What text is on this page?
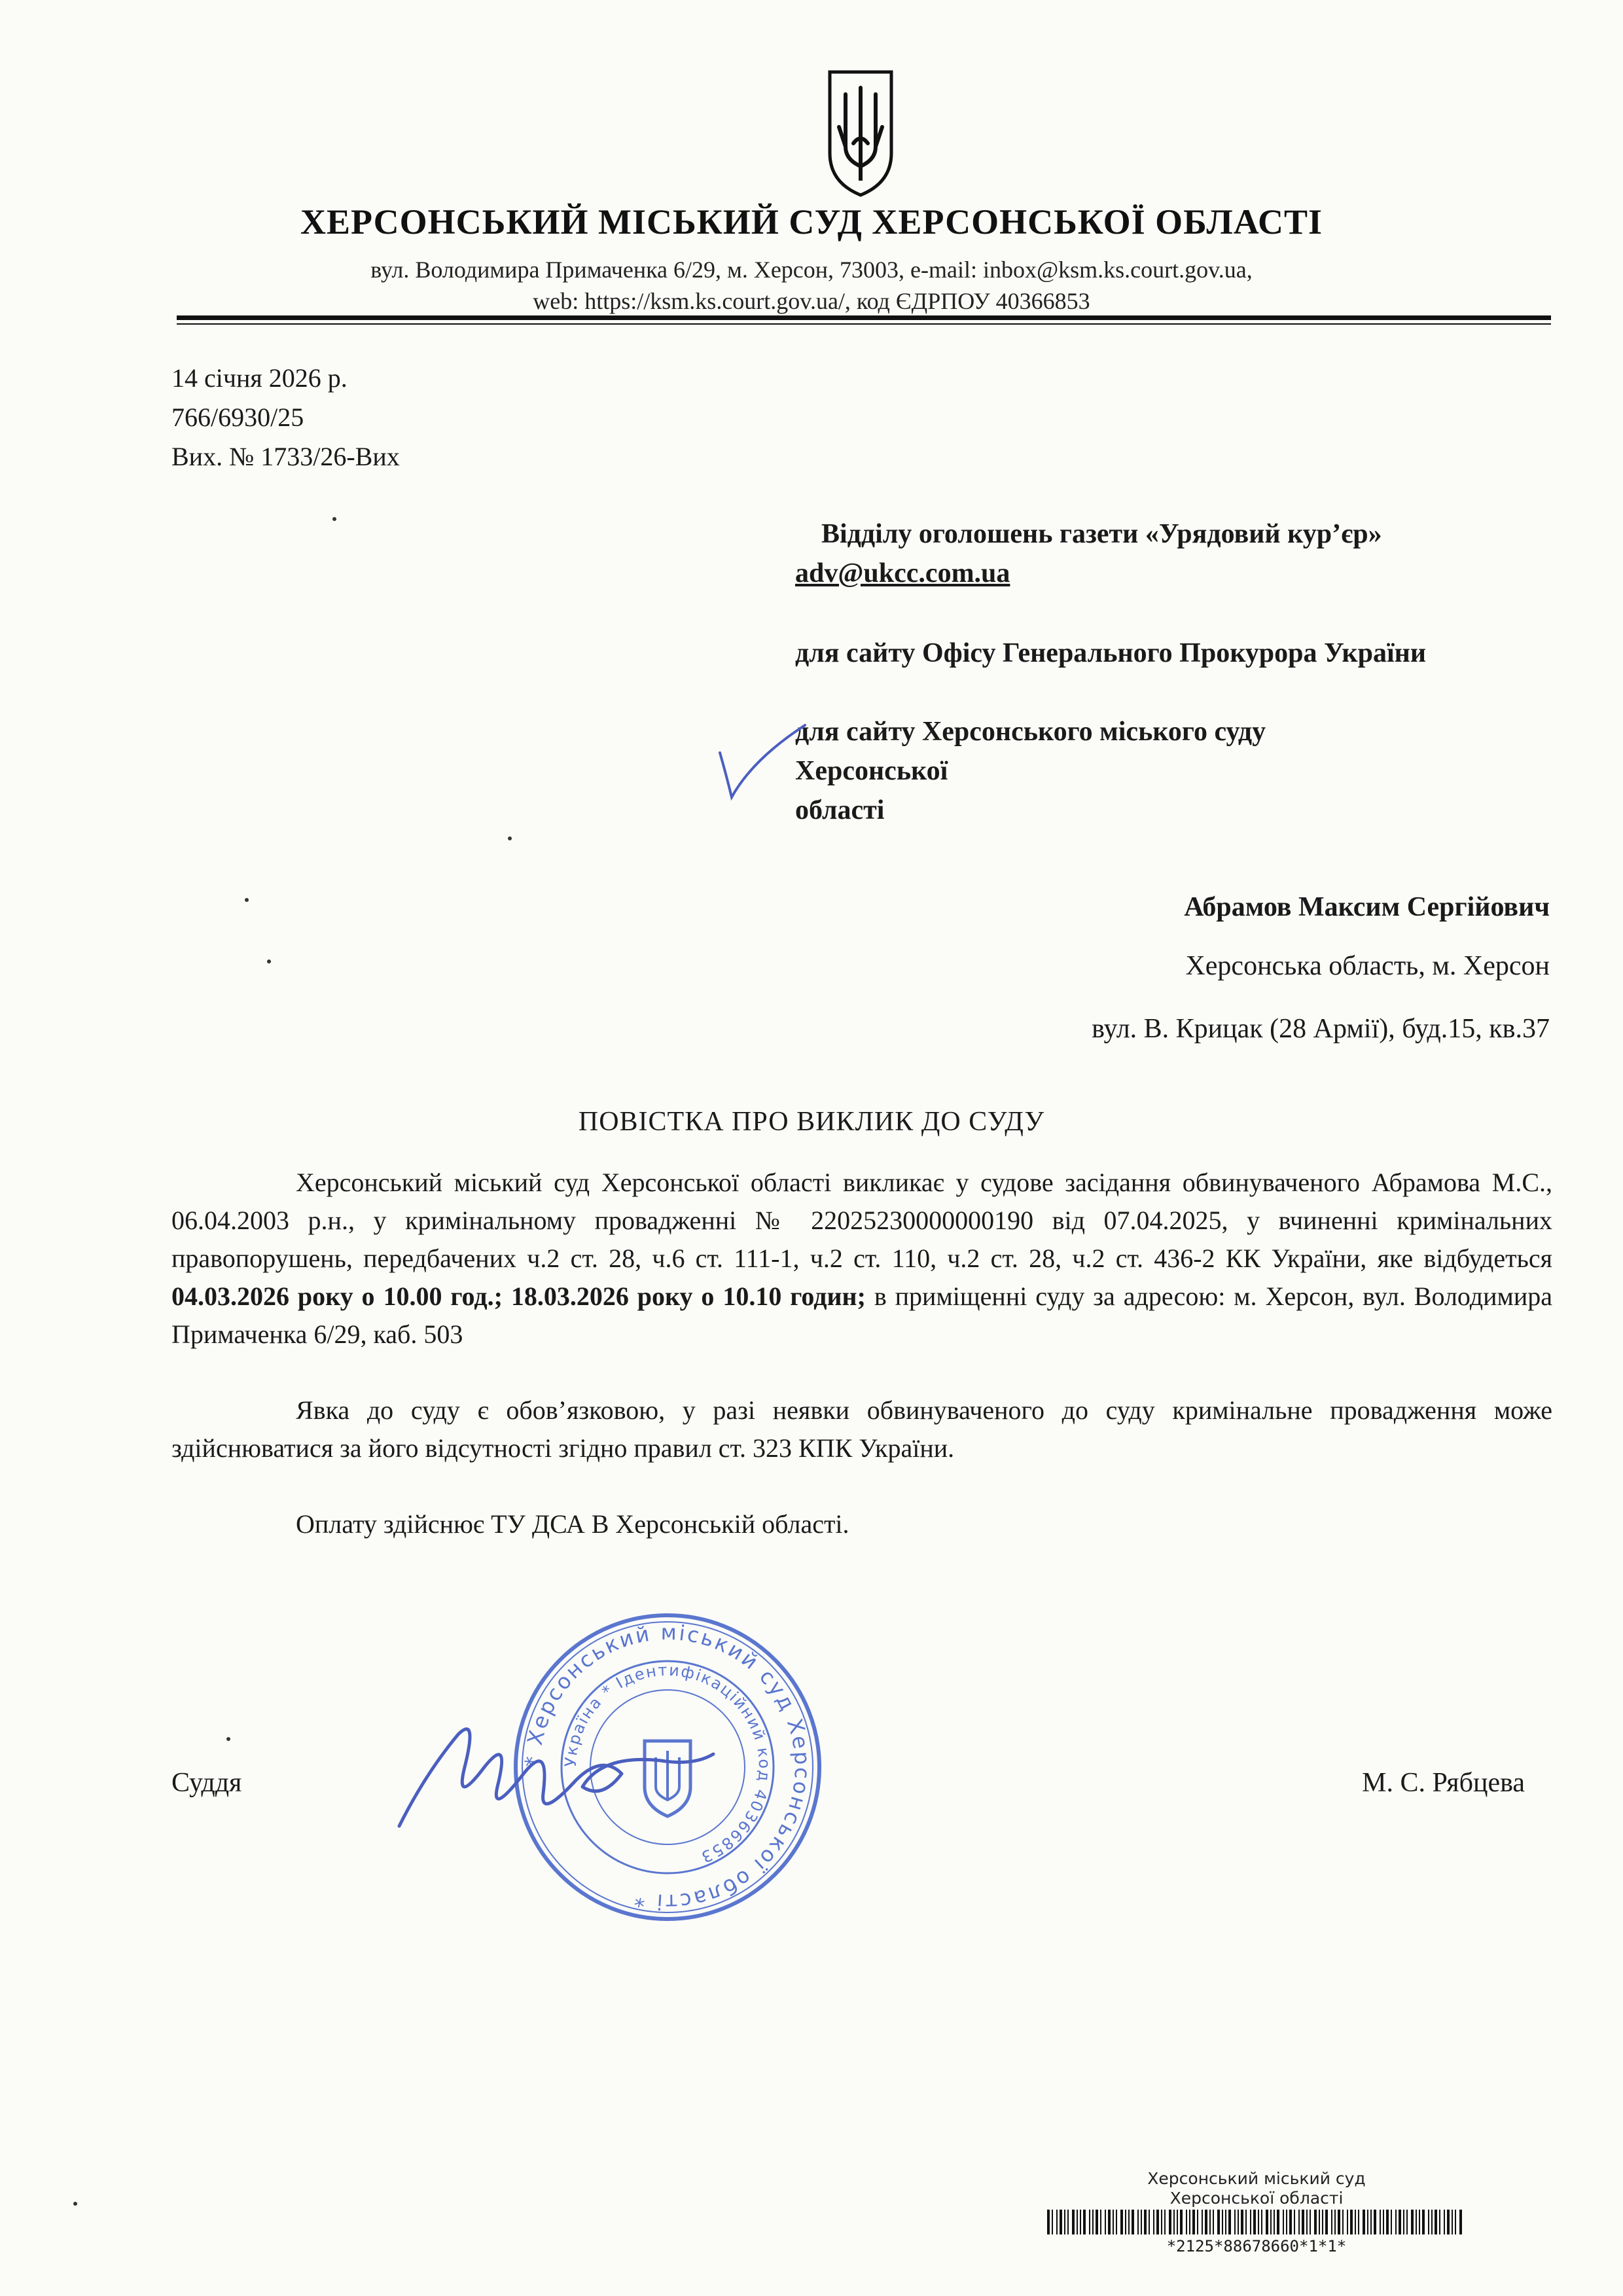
ХЕРСОНСЬКИЙ МІСЬКИЙ СУД ХЕРСОНСЬКОЇ ОБЛАСТІ
вул. Володимира Примаченка 6/29, м. Херсон, 73003, e-mail: inbox@ksm.ks.court.gov.ua,
web: https://ksm.ks.court.gov.ua/, код ЄДРПОУ 40366853
14 січня 2026 р.
766/6930/25
Вих. № 1733/26-Вих
Відділу оголошень газети «Урядовий кур’єр»
adv@ukcc.com.ua
для сайту Офісу Генерального Прокурора України
для сайту Херсонського міського суду
Херсонської
області
Абрамов Максим Сергійович
Херсонська область, м. Херсон
вул. В. Крицак (28 Армії), буд.15, кв.37
ПОВІСТКА ПРО ВИКЛИК ДО СУДУ

Херсонський міський суд Херсонської області викликає у судове засідання обвинуваченого Абрамова М.С., 06.04.2003 р.н., у кримінальному провадженні № 22025230000000190 від 07.04.2025, у вчиненні кримінальних правопорушень, передбачених ч.2 ст. 28, ч.6 ст. 111-1, ч.2 ст. 110, ч.2 ст. 28, ч.2 ст. 436-2 КК України, яке відбудеться 04.03.2026 року о 10.00 год.; 18.03.2026 року о 10.10 годин; в приміщенні суду за адресою: м. Херсон, вул. Володимира Примаченка 6/29, каб. 503

Явка до суду є обов’язковою, у разі неявки обвинуваченого до суду кримінальне провадження може здійснюватися за його відсутності згідно правил ст. 323 КПК України.

Оплату здійснює ТУ ДСА В Херсонській області.

Суддя	М. С. Рябцева
* Херсонський міський суд Херсонської області *
Україна * Ідентифікаційний код 40366853
Херсонський міський суд
Херсонської області
*2125*88678660*1*1*
